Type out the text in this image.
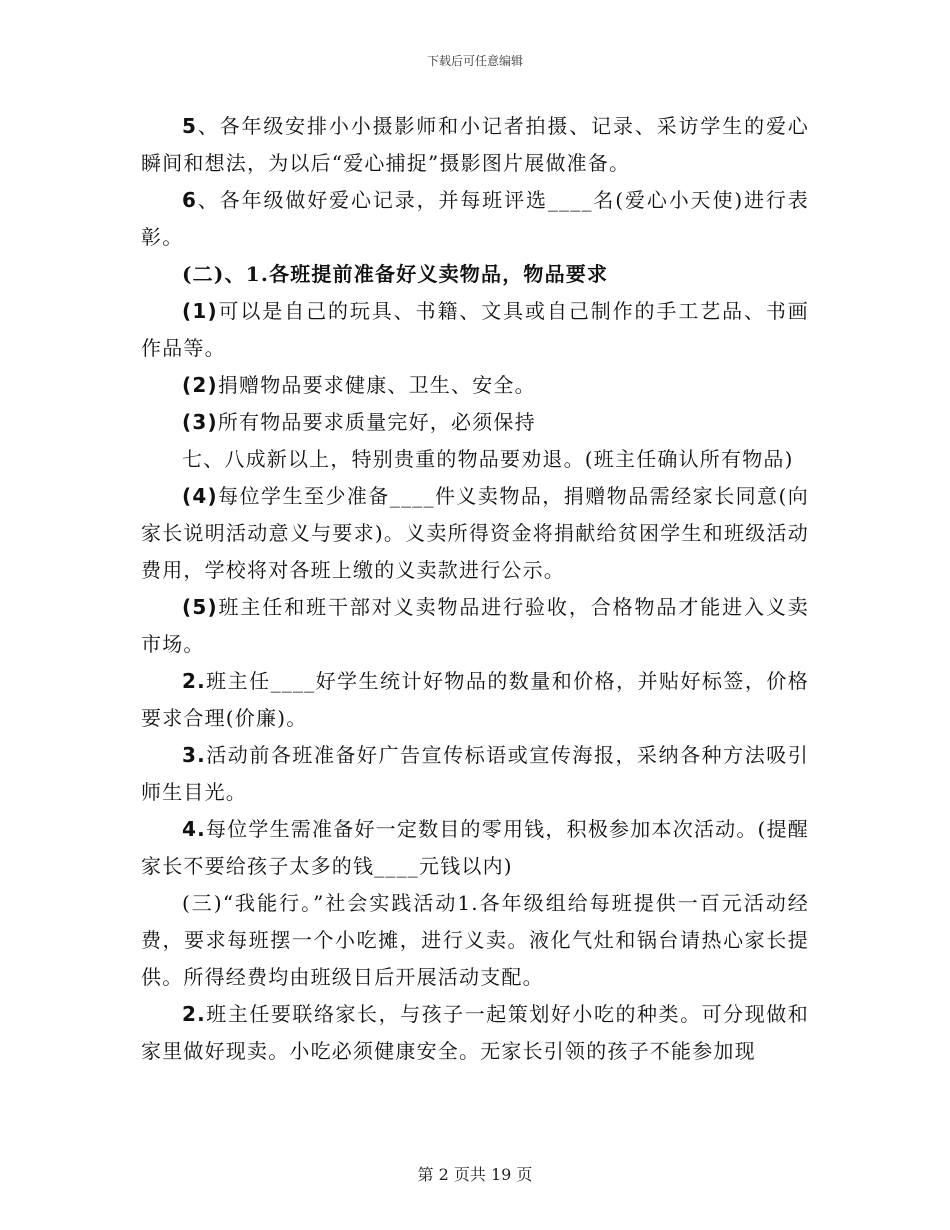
下载后可任意编辑

5、各年级安排小小摄影师和小记者拍摄、记录、采访学生的爱心瞬间和想法，为以后“爱心捕捉”摄影图片展做准备。

6、各年级做好爱心记录，并每班评选____名(爱心小天使)进行表彰。

(二)、1.各班提前准备好义卖物品，物品要求

(1)可以是自己的玩具、书籍、文具或自己制作的手工艺品、书画作品等。

(2)捐赠物品要求健康、卫生、安全。

(3)所有物品要求质量完好，必须保持

七、八成新以上，特别贵重的物品要劝退。(班主任确认所有物品)

(4)每位学生至少准备____件义卖物品，捐赠物品需经家长同意(向家长说明活动意义与要求)。义卖所得资金将捐献给贫困学生和班级活动费用，学校将对各班上缴的义卖款进行公示。

(5)班主任和班干部对义卖物品进行验收，合格物品才能进入义卖市场。

2.班主任____好学生统计好物品的数量和价格，并贴好标签，价格要求合理(价廉)。

3.活动前各班准备好广告宣传标语或宣传海报，采纳各种方法吸引师生目光。

4.每位学生需准备好一定数目的零用钱，积极参加本次活动。(提醒家长不要给孩子太多的钱____元钱以内)

(三)“我能行。”社会实践活动1.各年级组给每班提供一百元活动经费，要求每班摆一个小吃摊，进行义卖。液化气灶和锅台请热心家长提供。所得经费均由班级日后开展活动支配。

2.班主任要联络家长，与孩子一起策划好小吃的种类。可分现做和家里做好现卖。小吃必须健康安全。无家长引领的孩子不能参加现

第 2 页共 19 页
